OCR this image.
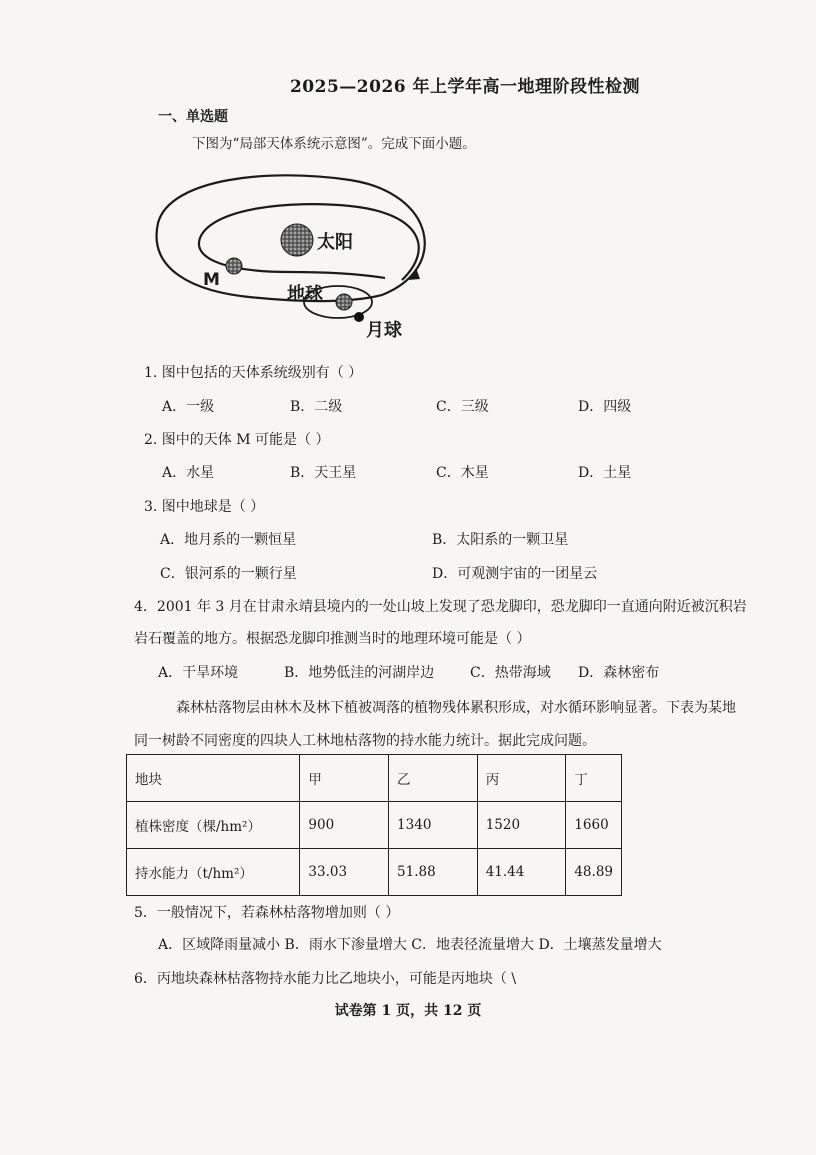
2025—2026 年上学年高一地理阶段性检测
一、单选题
下图为“局部天体系统示意图”。完成下面小题。
太阳
M
地球
月球
1. 图中包括的天体系统级别有（ ）
A．一级	B．二级	C．三级	D．四级
2. 图中的天体 M 可能是（ ）
A．水星	B．天王星	C．木星	D．土星
3. 图中地球是（ ）
A．地月系的一颗恒星	B．太阳系的一颗卫星
C．银河系的一颗行星	D．可观测宇宙的一团星云
4．2001 年 3 月在甘肃永靖县境内的一处山坡上发现了恐龙脚印，恐龙脚印一直通向附近被沉积岩
岩石覆盖的地方。根据恐龙脚印推测当时的地理环境可能是（ ）
A．干旱环境	B．地势低洼的河湖岸边	C．热带海域 D．森林密布
森林枯落物层由林木及林下植被凋落的植物残体累积形成，对水循环影响显著。下表为某地
同一树龄不同密度的四块人工林地枯落物的持水能力统计。据此完成问题。
地块	甲	乙	丙	丁
植株密度（棵/hm²）	900	1340	1520	1660
持水能力（t/hm²）	33.03	51.88	41.44	48.89
5．一般情况下，若森林枯落物增加则（ ）
A．区域降雨量减小 B．雨水下渗量增大 C．地表径流量增大 D．土壤蒸发量增大
6．丙地块森林枯落物持水能力比乙地块小，可能是丙地块（ \
试卷第 1 页，共 12 页
